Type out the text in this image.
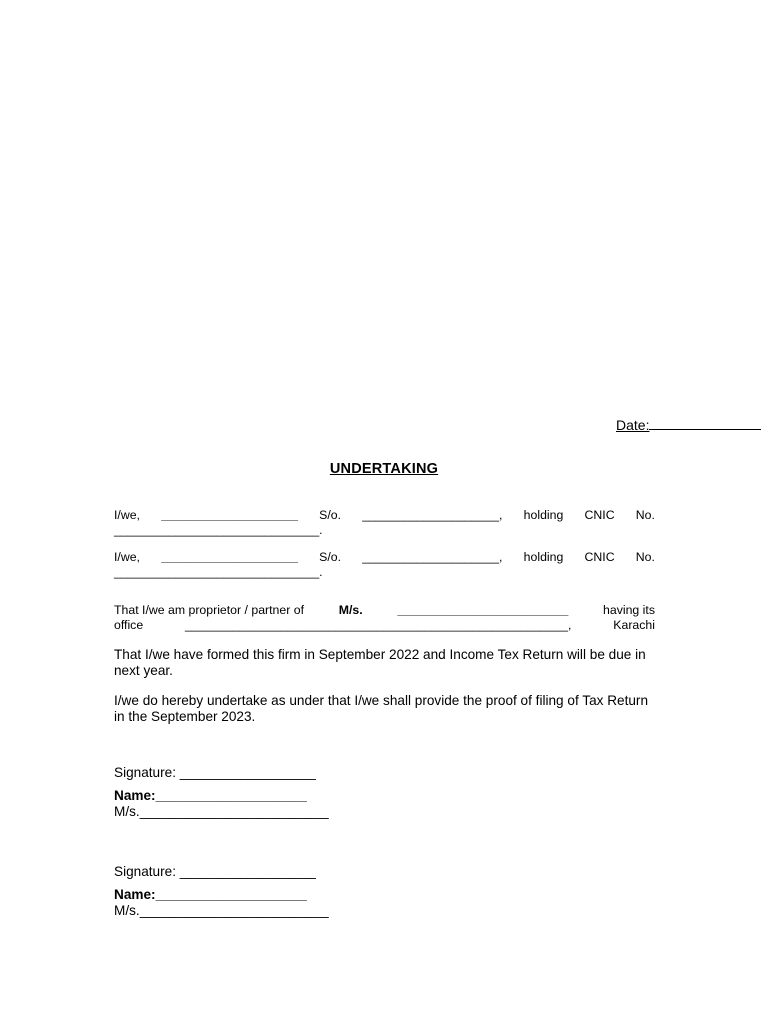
Date:
UNDERTAKING
I/we, ____________________ S/o. ____________________, holding CNIC No.
______________________________.
I/we, ____________________ S/o. ____________________, holding CNIC No.
______________________________.
That I/we am proprietor / partner of	M/s.	_________________________	having its
office	________________________________________________________,	Karachi
That I/we have formed this firm in September 2022 and Income Tex Return will be due in next year.
I/we do hereby undertake as under that I/we shall provide the proof of filing of Tax Return in the September 2023.
Signature: __________________
Name:____________________
M/s._________________________
Signature: __________________
Name:____________________
M/s._________________________
